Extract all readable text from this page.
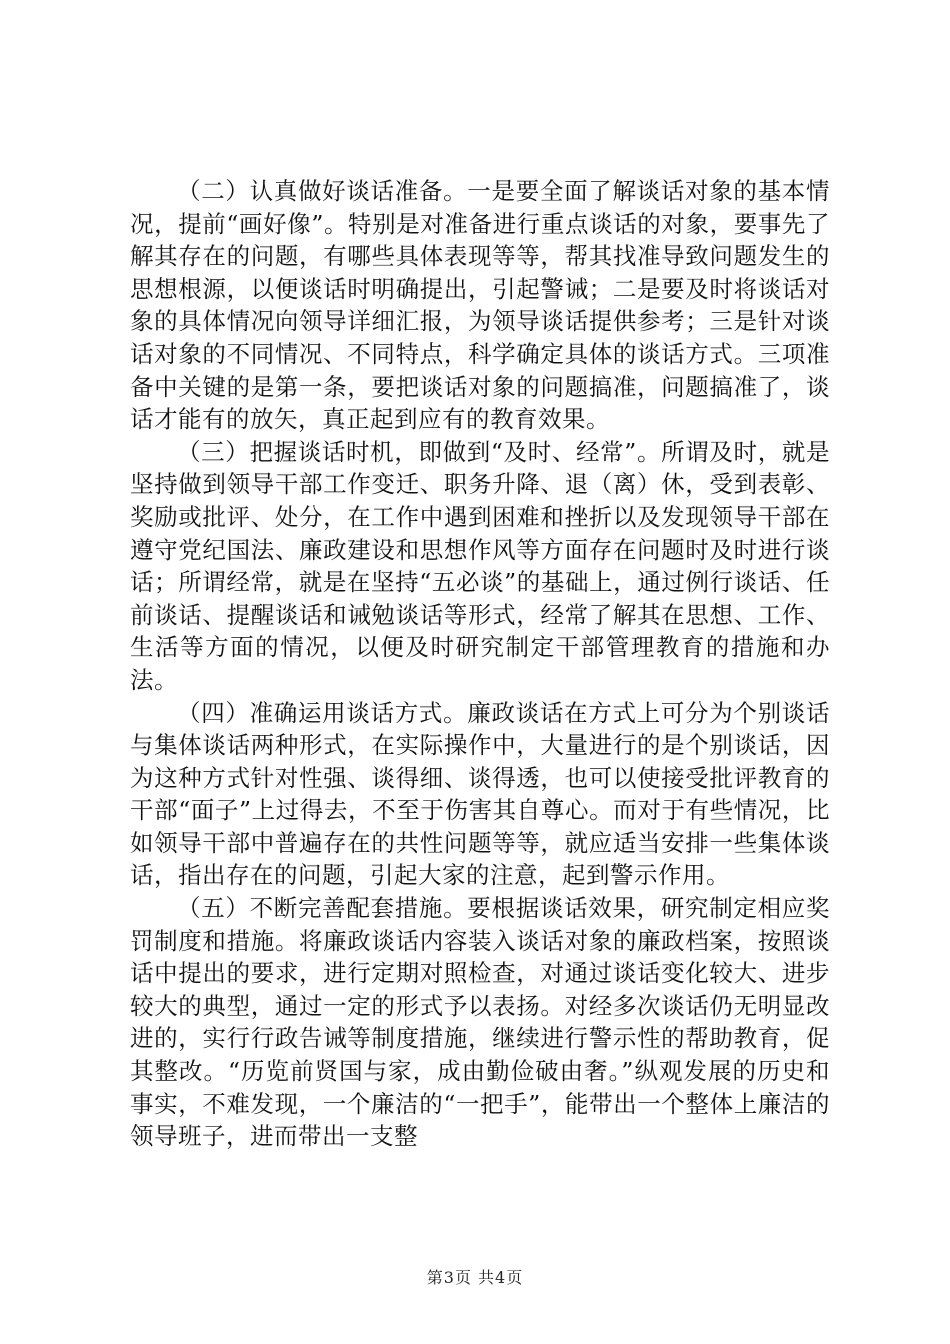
（二）认真做好谈话准备。一是要全面了解谈话对象的基本情况，提前“画好像”。特别是对准备进行重点谈话的对象，要事先了解其存在的问题，有哪些具体表现等等，帮其找准导致问题发生的思想根源，以便谈话时明确提出，引起警诫；二是要及时将谈话对象的具体情况向领导详细汇报，为领导谈话提供参考；三是针对谈话对象的不同情况、不同特点，科学确定具体的谈话方式。三项准备中关键的是第一条，要把谈话对象的问题搞准，问题搞准了，谈话才能有的放矢，真正起到应有的教育效果。

（三）把握谈话时机，即做到“及时、经常”。所谓及时，就是坚持做到领导干部工作变迁、职务升降、退（离）休，受到表彰、奖励或批评、处分，在工作中遇到困难和挫折以及发现领导干部在遵守党纪国法、廉政建设和思想作风等方面存在问题时及时进行谈话；所谓经常，就是在坚持“五必谈”的基础上，通过例行谈话、任前谈话、提醒谈话和诫勉谈话等形式，经常了解其在思想、工作、生活等方面的情况，以便及时研究制定干部管理教育的措施和办法。

（四）准确运用谈话方式。廉政谈话在方式上可分为个别谈话与集体谈话两种形式，在实际操作中，大量进行的是个别谈话，因为这种方式针对性强、谈得细、谈得透，也可以使接受批评教育的干部“面子”上过得去，不至于伤害其自尊心。而对于有些情况，比如领导干部中普遍存在的共性问题等等，就应适当安排一些集体谈话，指出存在的问题，引起大家的注意，起到警示作用。

（五）不断完善配套措施。要根据谈话效果，研究制定相应奖罚制度和措施。将廉政谈话内容装入谈话对象的廉政档案，按照谈话中提出的要求，进行定期对照检查，对通过谈话变化较大、进步较大的典型，通过一定的形式予以表扬。对经多次谈话仍无明显改进的，实行行政告诫等制度措施，继续进行警示性的帮助教育，促其整改。“历览前贤国与家，成由勤俭破由奢。”纵观发展的历史和事实，不难发现，一个廉洁的“一把手”，能带出一个整体上廉洁的领导班子，进而带出一支整

第3页 共4页
